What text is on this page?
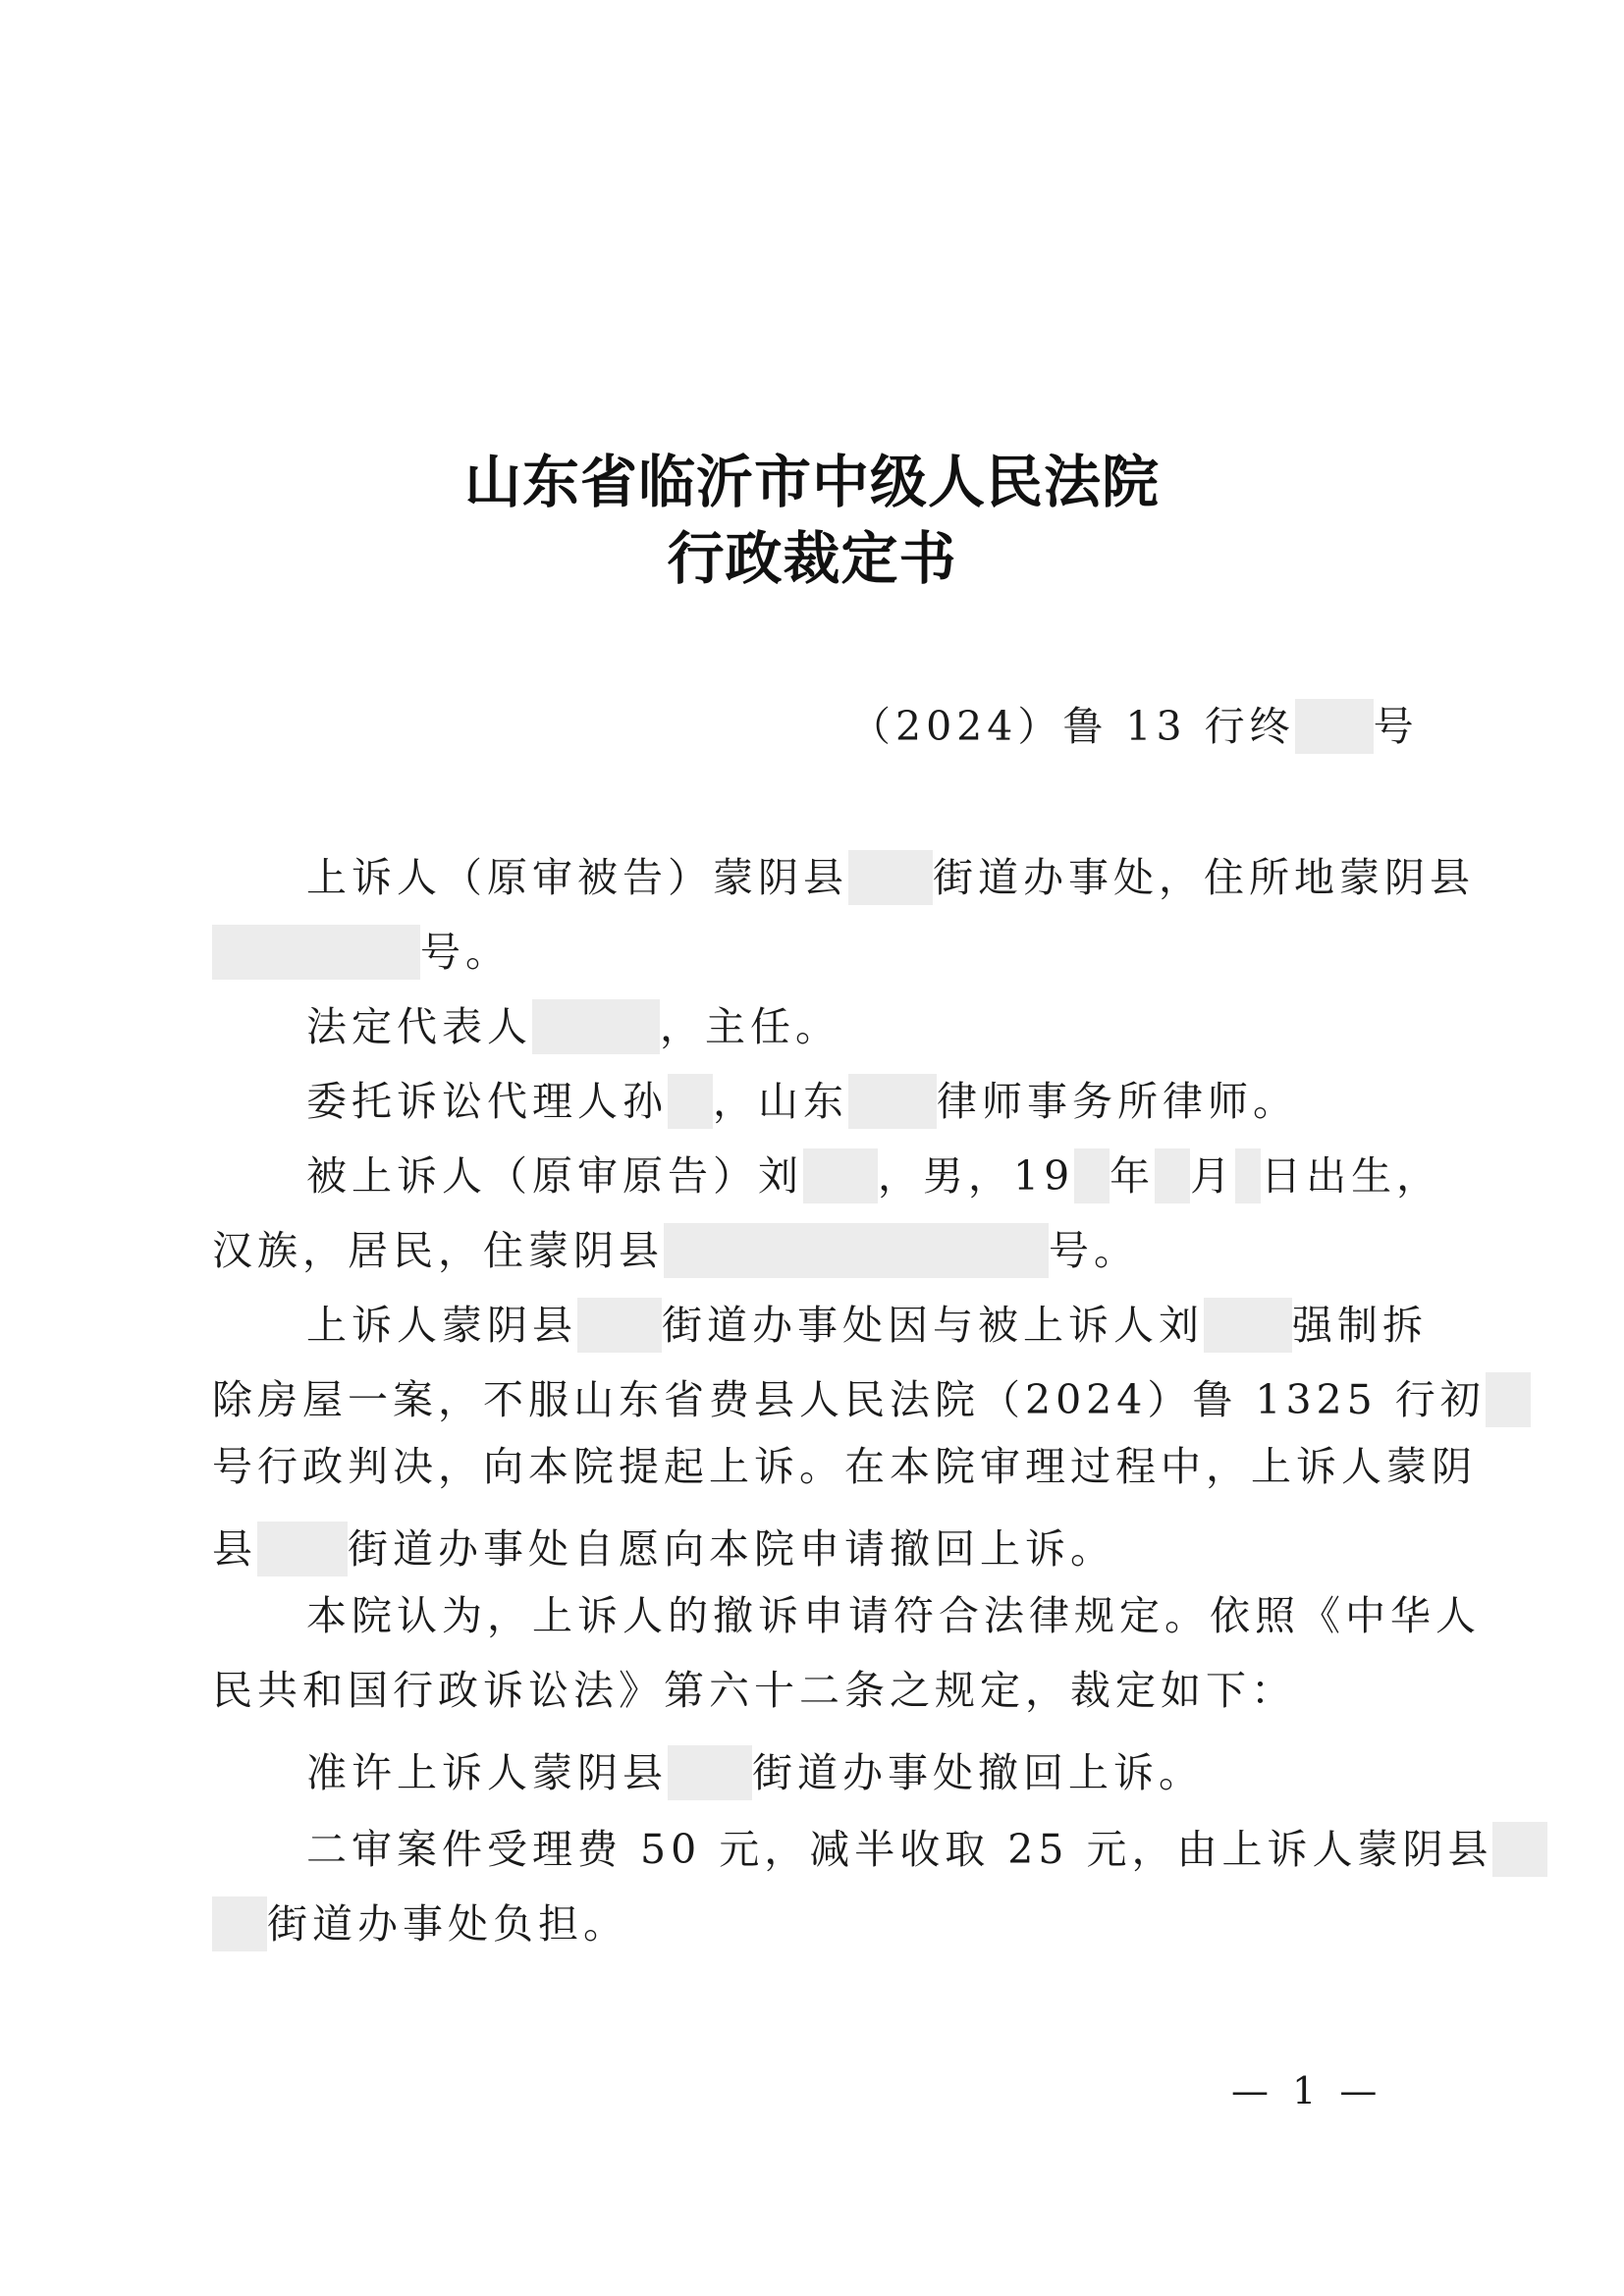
山东省临沂市中级人民法院
行政裁定书
（2024）鲁 13 行终 号
上诉人（原审被告）蒙阴县 街道办事处，住所地蒙阴县
号。
法定代表人	，主任。
委托诉讼代理人孙 ，山东 律师事务所律师。
被上诉人（原审原告）刘 ，男，19 年 月 日出生，
汉族，居民，住蒙阴县	号。
上诉人蒙阴县 街道办事处因与被上诉人刘 强制拆
除房屋一案，不服山东省费县人民法院（2024）鲁 1325 行初
号行政判决，向本院提起上诉。在本院审理过程中，上诉人蒙阴
县 街道办事处自愿向本院申请撤回上诉。
本院认为，上诉人的撤诉申请符合法律规定。依照《中华人
民共和国行政诉讼法》第六十二条之规定，裁定如下：
准许上诉人蒙阴县 街道办事处撤回上诉。
二审案件受理费 50 元，减半收取 25 元，由上诉人蒙阴县
街道办事处负担。
— 1 —
